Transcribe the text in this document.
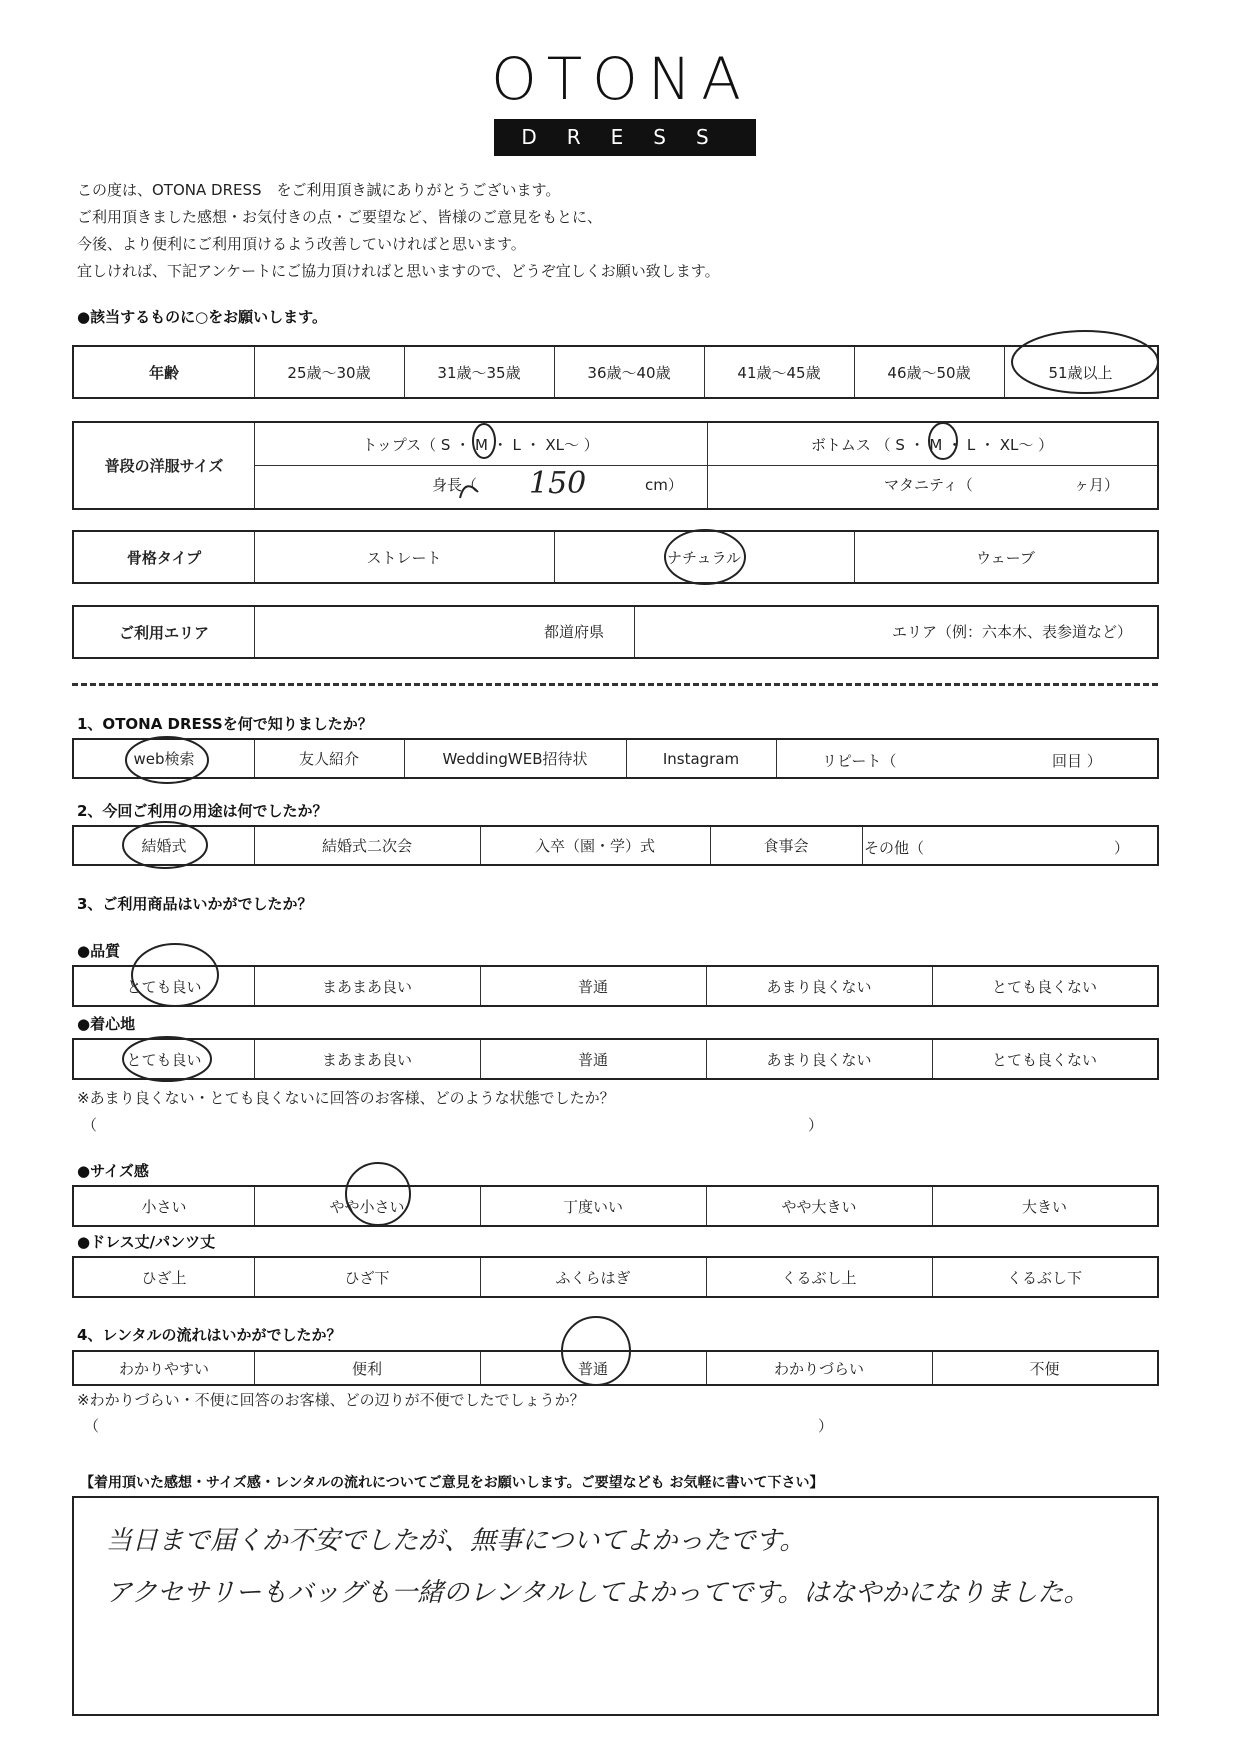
OTONA
DRESS
この度は、OTONA DRESS　をご利用頂き誠にありがとうございます。
ご利用頂きました感想・お気付きの点・ご要望など、皆様のご意見をもとに、
今後、より便利にご利用頂けるよう改善していければと思います。
宜しければ、下記アンケートにご協力頂ければと思いますので、どうぞ宜しくお願い致します。
●該当するものに○をお願いします。
年齢	25歳〜30歳	31歳〜35歳	36歳〜40歳	41歳〜45歳	46歳〜50歳	51歳以上
普段の洋服サイズ
トップス（ S ・ M ・ L ・ XL〜 ）	ボトムス （ S ・ M ・ L ・ XL〜 ）
身長（ 150	cm）	マタニティ（	ヶ月）
骨格タイプ	ストレート	ナチュラル	ウェーブ
ご利用エリア	都道府県	エリア（例：六本木、表参道など）
1、OTONA DRESSを何で知りましたか？
web検索	友人紹介	WeddingWEB招待状	Instagram	リピート（	回目 ）
2、今回ご利用の用途は何でしたか？
結婚式	結婚式二次会	入卒（園・学）式	食事会	その他（	）
3、ご利用商品はいかがでしたか？
●品質
とても良い	まあまあ良い	普通	あまり良くない	とても良くない
●着心地
とても良い	まあまあ良い	普通	あまり良くない	とても良くない
※あまり良くない・とても良くないに回答のお客様、どのような状態でしたか？
（	）
●サイズ感
小さい	やや小さい	丁度いい	やや大きい	大きい
●ドレス丈/パンツ丈
ひざ上	ひざ下	ふくらはぎ	くるぶし上	くるぶし下
4、レンタルの流れはいかがでしたか？
わかりやすい	便利	普通	わかりづらい	不便
※わかりづらい・不便に回答のお客様、どの辺りが不便でしたでしょうか？
（	）
【着用頂いた感想・サイズ感・レンタルの流れについてご意見をお願いします。ご要望なども お気軽に書いて下さい】
当日まで届くか不安でしたが、無事についてよかったです。
アクセサリーもバッグも一緒のレンタルしてよかってです。はなやかになりました。
